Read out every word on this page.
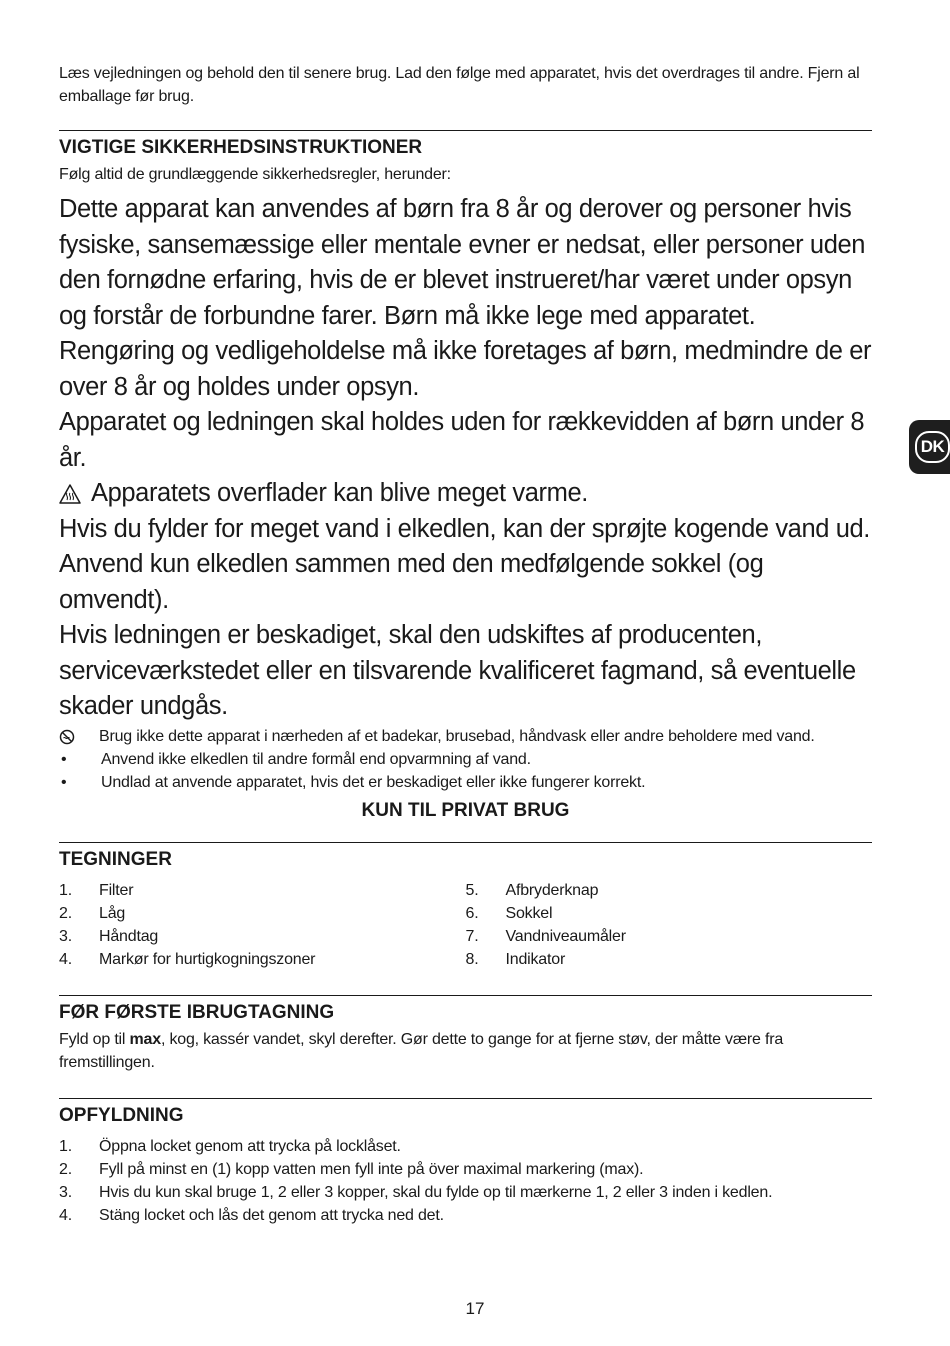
Læs vejledningen og behold den til senere brug. Lad den følge med apparatet, hvis det overdrages til andre. Fjern al emballage før brug.

VIGTIGE SIKKERHEDSINSTRUKTIONER

Følg altid de grundlæggende sikkerhedsregler, herunder:

Dette apparat kan anvendes af børn fra 8 år og derover og personer hvis fysiske, sansemæssige eller mentale evner er nedsat, eller personer uden den fornødne erfaring, hvis de er blevet instrueret/har været under opsyn og forstår de forbundne farer. Børn må ikke lege med apparatet.

Rengøring og vedligeholdelse må ikke foretages af børn, medmindre de er over 8 år og holdes under opsyn.

Apparatet og ledningen skal holdes uden for rækkevidden af børn under 8 år.

Apparatets overflader kan blive meget varme.

Hvis du fylder for meget vand i elkedlen, kan der sprøjte kogende vand ud.

Anvend kun elkedlen sammen med den medfølgende sokkel (og omvendt).

Hvis ledningen er beskadiget, skal den udskiftes af producenten, serviceværkstedet eller en tilsvarende kvalificeret fagmand, så eventuelle skader undgås.

Brug ikke dette apparat i nærheden af et badekar, brusebad, håndvask eller andre beholdere med vand.
•	Anvend ikke elkedlen til andre formål end opvarmning af vand.
•	Undlad at anvende apparatet, hvis det er beskadiget eller ikke fungerer korrekt.

KUN TIL PRIVAT BRUG

TEGNINGER
1.	Filter
2.	Låg
3.	Håndtag
4.	Markør for hurtigkogningszoner
5.	Afbryderknap
6.	Sokkel
7.	Vandniveaumåler
8.	Indikator
FØR FØRSTE IBRUGTAGNING

Fyld op til max, kog, kassér vandet, skyl derefter. Gør dette to gange for at fjerne støv, der måtte være fra fremstillingen.

OPFYLDNING
1.	Öppna locket genom att trycka på locklåset.
2.	Fyll på minst en (1) kopp vatten men fyll inte på över maximal markering (max).
3.	Hvis du kun skal bruge 1, 2 eller 3 kopper, skal du fylde op til mærkerne 1, 2 eller 3 inden i kedlen.
4.	Stäng locket och lås det genom att trycka ned det.
DK
17
